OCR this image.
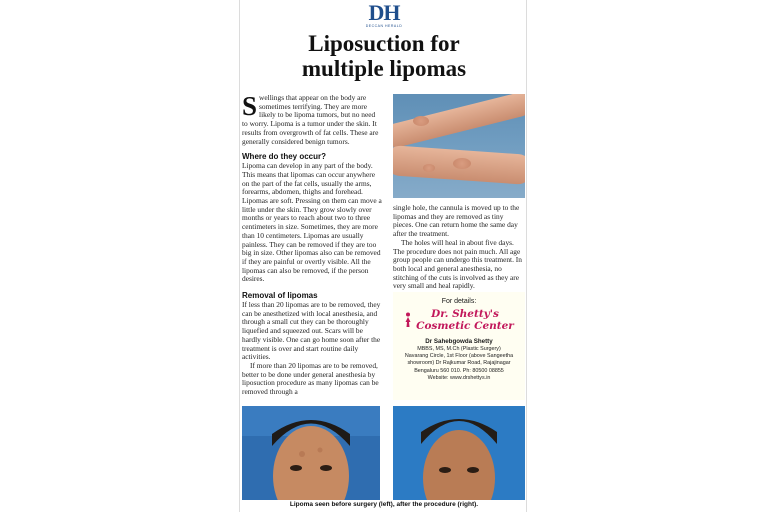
DH
DECCAN HERALD
Liposuction for
multiple lipomas

Swellings that appear on the body are sometimes terrifying. They are more likely to be lipoma tumors, but no need to worry. Lipoma is a tumor under the skin. It results from overgrowth of fat cells. These are generally considered benign tumors.

Where do they occur?

Lipoma can develop in any part of the body. This means that lipomas can occur anywhere on the part of the fat cells, usually the arms, forearms, abdomen, thighs and forehead. Lipomas are soft. Pressing on them can move a little under the skin. They grow slowly over months or years to reach about two to three centimeters in size. Sometimes, they are more than 10 centimeters. Lipomas are usually painless. They can be removed if they are too big in size. Other lipomas also can be removed if they are painful or overtly visible. All the lipomas can also be removed, if the person desires.

Removal of lipomas

If less than 20 lipomas are to be removed, they can be anesthetized with local anesthesia, and through a small cut they can be thoroughly liquefied and squeezed out. Scars will be hardly visible. One can go home soon after the treatment is over and start routine daily activities.

If more than 20 lipomas are to be removed, better to be done under general anesthesia by liposuction procedure as many lipomas can be removed through a

single hole, the cannula is moved up to the lipomas and they are removed as tiny pieces. One can return home the same day after the treatment.

The holes will heal in about five days. The procedure does not pain much. All age group people can undergo this treatment. In both local and general anesthesia, no stitching of the cuts is involved as they are very small and heal rapidly.

For details:
Dr. Shetty's
Cosmetic Center
Dr Sahebgowda Shetty
MBBS, MS, M.Ch (Plastic Surgery)
Navarang Circle, 1st Floor (above Sangeetha
showroom) Dr Rajkumar Road, Rajajinagar
Bengaluru 560 010. Ph: 80500 08855
Website: www.drshettys.in
Lipoma seen before surgery (left), after the procedure (right).
